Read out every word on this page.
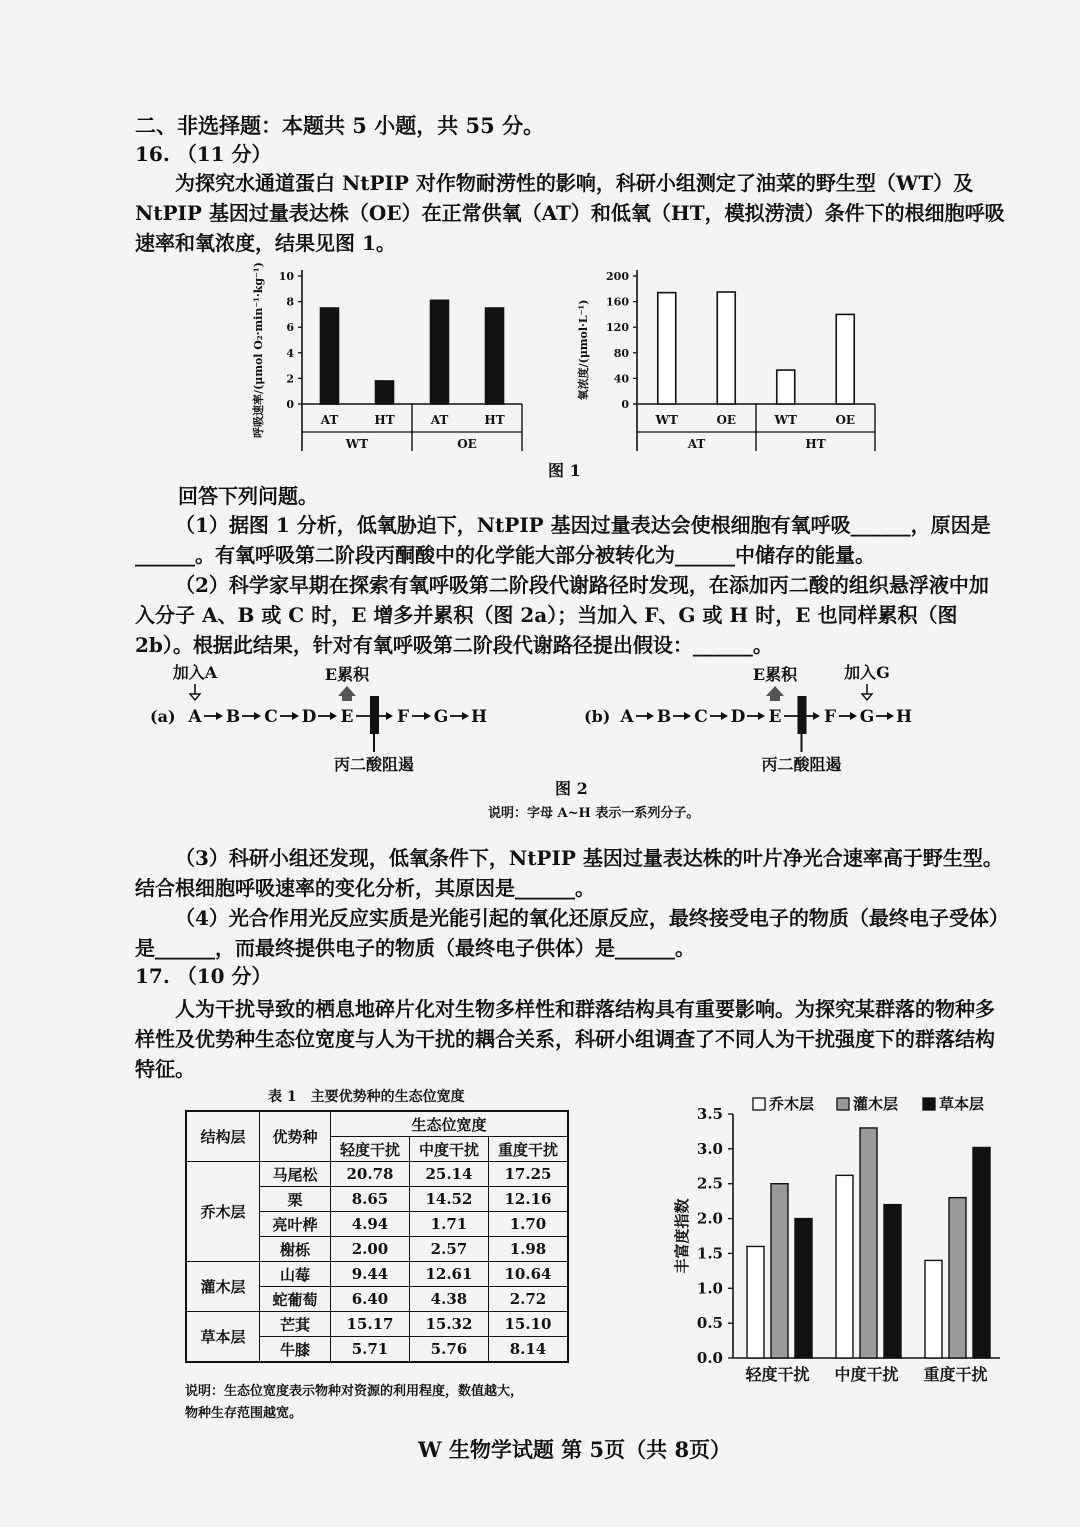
二、非选择题：本题共 5 小题，共 55 分。
16. （11 分）
为探究水通道蛋白 NtPIP 对作物耐涝性的影响，科研小组测定了油菜的野生型（WT）及 NtPIP 基因过量表达株（OE）在正常供氧（AT）和低氧（HT，模拟涝渍）条件下的根细胞呼吸速率和氧浓度，结果见图 1。
呼吸速率/(μmol O₂·min⁻¹·kg⁻¹) 0
2
4
6
8
10
AT	HT	AT	HT
WT	OE
氧浓度/(μmol·L⁻¹)
0
40
80
120
160
200
WT	OE	WT	OE
AT	HT
图 1
回答下列问题。
（1）据图 1 分析，低氧胁迫下，NtPIP 基因过量表达会使根细胞有氧呼吸______，原因是______。有氧呼吸第二阶段丙酮酸中的化学能大部分被转化为______中储存的能量。
（2）科学家早期在探索有氧呼吸第二阶段代谢路径时发现，在添加丙二酸的组织悬浮液中加入分子 A、B 或 C 时，E 增多并累积（图 2a）；当加入 F、G 或 H 时，E 也同样累积（图 2b）。根据此结果，针对有氧呼吸第二阶段代谢路径提出假设：______。
(a) A B C D E	F G H
丙二酸阻遏
E累积
加入A
(b) A B C D E F G H
丙二酸阻遏
E累积	加入G
图 2
说明：字母 A~H 表示一系列分子。
（3）科研小组还发现，低氧条件下，NtPIP 基因过量表达株的叶片净光合速率高于野生型。结合根细胞呼吸速率的变化分析，其原因是______。
（4）光合作用光反应实质是光能引起的氧化还原反应，最终接受电子的物质（最终电子受体）是______，而最终提供电子的物质（最终电子供体）是______。
17. （10 分）
人为干扰导致的栖息地碎片化对生物多样性和群落结构具有重要影响。为探究某群落的物种多样性及优势种生态位宽度与人为干扰的耦合关系，科研小组调查了不同人为干扰强度下的群落结构特征。
表 1　主要优势种的生态位宽度
结构层	优势种	生态位宽度		
		轻度干扰	中度干扰	重度干扰
乔木层	马尾松	20.78	25.14	17.25
	栗	8.65	14.52	12.16
	亮叶桦	4.94	1.71	1.70
	榭栎	2.00	2.57	1.98
灌木层	山莓	9.44	12.61	10.64
	蛇葡萄	6.40	4.38	2.72
草本层	芒萁	15.17	15.32	15.10
	牛膝	5.71	5.76	8.14
说明：生态位宽度表示物种对资源的利用程度，数值越大，
物种生存范围越宽。
丰富度指数
0.0
0.5
1.0
1.5
2.0
2.5
3.0
3.5
轻度干扰 中度干扰 重度干扰
乔木层	灌木层	草本层
W 生物学试题 第 5页（共 8页）
